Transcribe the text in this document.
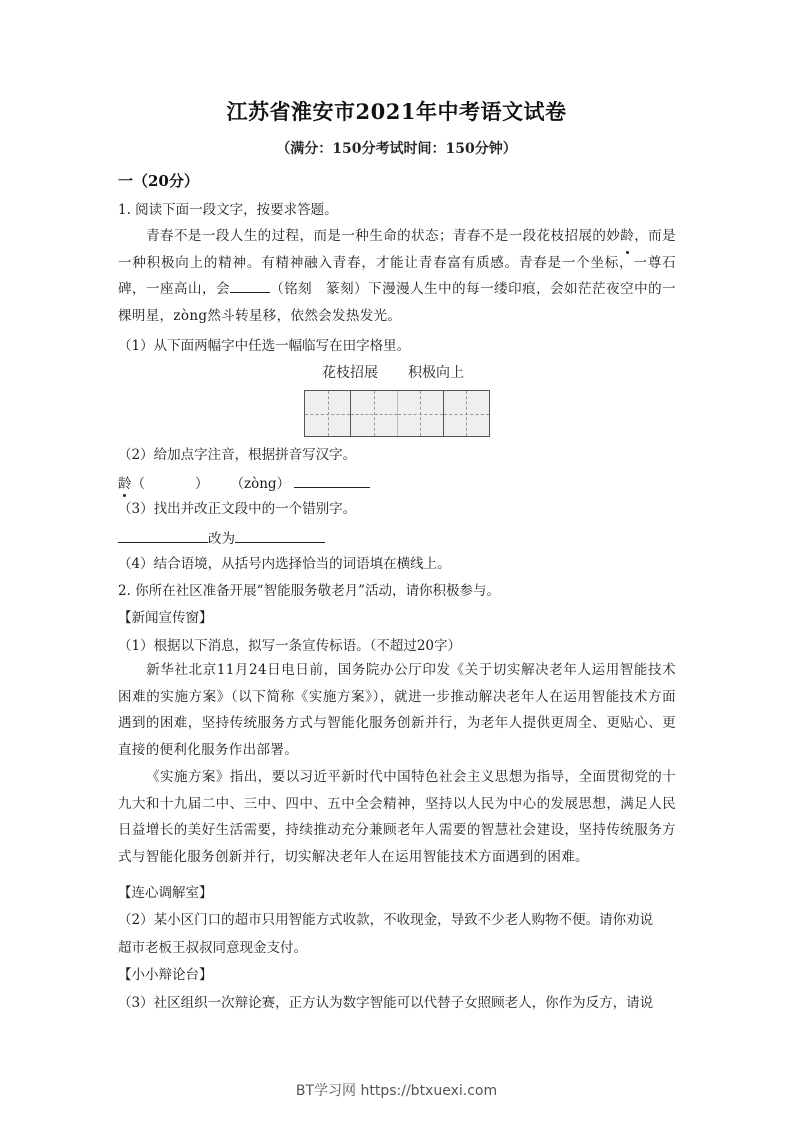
江苏省淮安市2021年中考语文试卷
（满分：150分考试时间：150分钟）
一（20分）
1. 阅读下面一段文字，按要求答题。
青春不是一段人生的过程，而是一种生命的状态；青春不是一段花枝招展的妙龄，而是一种积极向上的精神。有精神融入青春，才能让青春富有质感。青春是一个坐标，一尊石碑，一座高山，会	（铭刻　篆刻）下漫漫人生中的每一缕印痕，会如茫茫夜空中的一棵明星，zòng然斗转星移，依然会发热发光。
（1）从下面两幅字中任选一幅临写在田字格里。
花枝招展 积极向上
（2）给加点字注音，根据拼音写汉字。
龄（	） （zòng）
（3）找出并改正文段中的一个错别字。
改为
（4）结合语境，从括号内选择恰当的词语填在横线上。
2. 你所在社区准备开展“智能服务敬老月”活动，请你积极参与。
【新闻宣传窗】
（1）根据以下消息，拟写一条宣传标语。（不超过20字）
新华社北京11月24日电日前，国务院办公厅印发《关于切实解决老年人运用智能技术困难的实施方案》（以下简称《实施方案》），就进一步推动解决老年人在运用智能技术方面遇到的困难，坚持传统服务方式与智能化服务创新并行，为老年人提供更周全、更贴心、更直接的便利化服务作出部署。
《实施方案》指出，要以习近平新时代中国特色社会主义思想为指导，全面贯彻党的十九大和十九届二中、三中、四中、五中全会精神，坚持以人民为中心的发展思想，满足人民日益增长的美好生活需要，持续推动充分兼顾老年人需要的智慧社会建设，坚持传统服务方式与智能化服务创新并行，切实解决老年人在运用智能技术方面遇到的困难。
【连心调解室】
（2）某小区门口的超市只用智能方式收款，不收现金，导致不少老人购物不便。请你劝说
超市老板王叔叔同意现金支付。
【小小辩论台】
（3）社区组织一次辩论赛，正方认为数字智能可以代替子女照顾老人，你作为反方，请说
BT学习网 https://btxuexi.com
